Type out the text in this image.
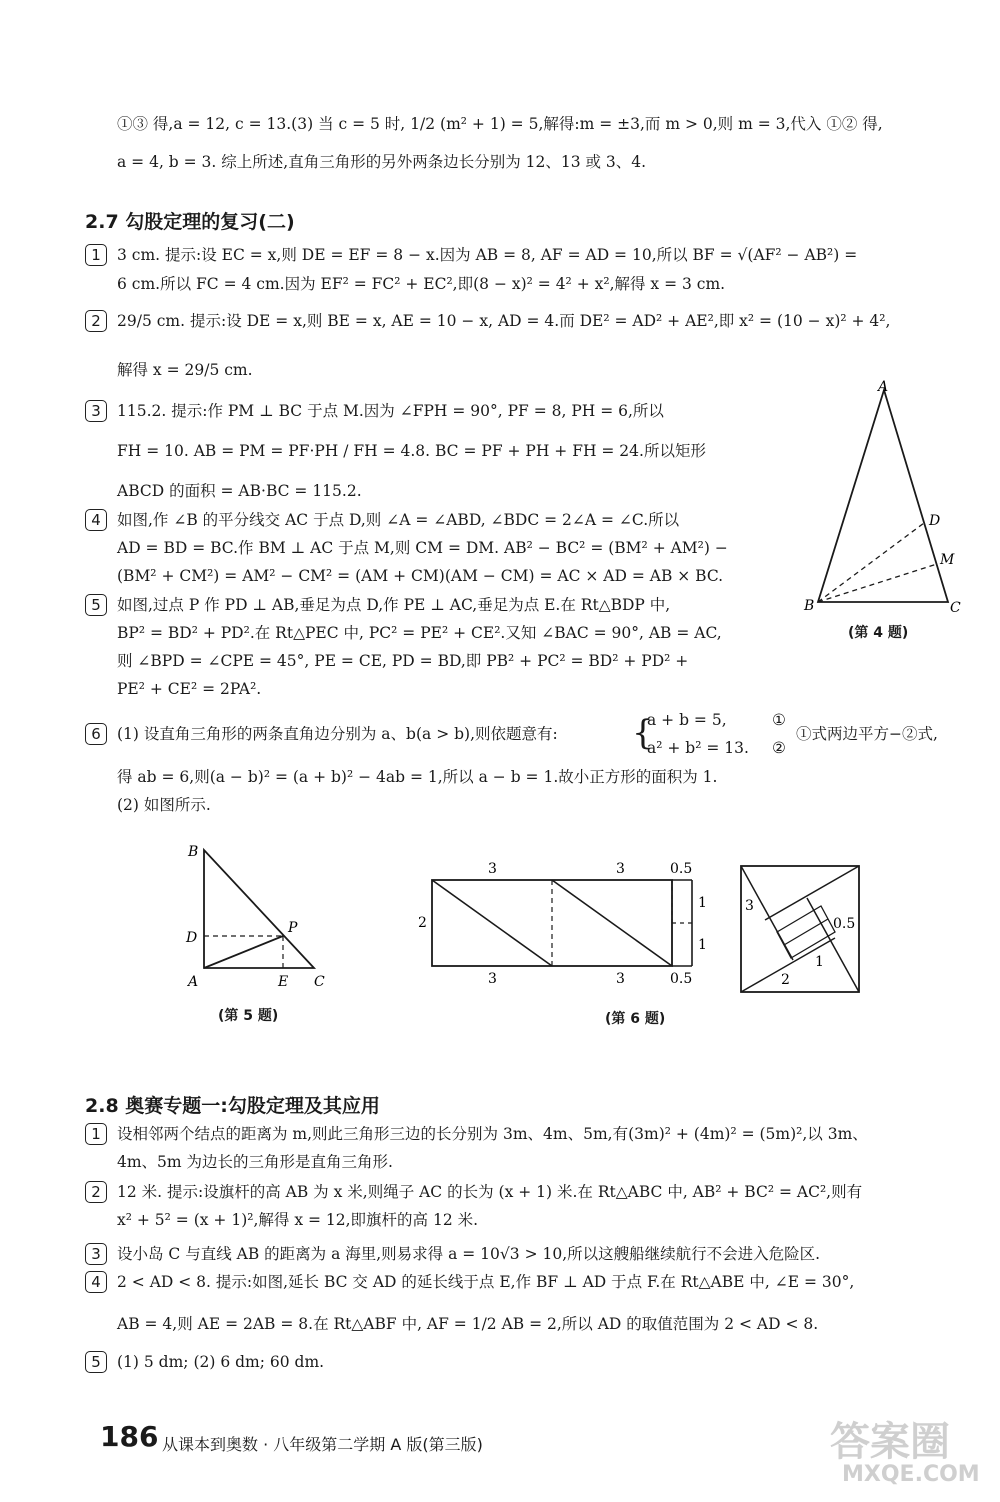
①③ 得,a = 12, c = 13.(3) 当 c = 5 时, 1/2 (m² + 1) = 5,解得:m = ±3,而 m > 0,则 m = 3,代入 ①② 得,
a = 4, b = 3. 综上所述,直角三角形的另外两条边长分别为 12、13 或 3、4.
2.7 勾股定理的复习(二)
1	3 cm. 提示:设 EC = x,则 DE = EF = 8 − x.因为 AB = 8, AF = AD = 10,所以 BF = √(AF² − AB²) =
6 cm.所以 FC = 4 cm.因为 EF² = FC² + EC²,即(8 − x)² = 4² + x²,解得 x = 3 cm.
2	29/5 cm. 提示:设 DE = x,则 BE = x, AE = 10 − x, AD = 4.而 DE² = AD² + AE²,即 x² = (10 − x)² + 4²,
解得 x = 29/5 cm.
3	115.2. 提示:作 PM ⊥ BC 于点 M.因为 ∠FPH = 90°, PF = 8, PH = 6,所以
FH = 10. AB = PM = PF·PH / FH = 4.8. BC = PF + PH + FH = 24.所以矩形
ABCD 的面积 = AB·BC = 115.2.
4	如图,作 ∠B 的平分线交 AC 于点 D,则 ∠A = ∠ABD, ∠BDC = 2∠A = ∠C.所以
AD = BD = BC.作 BM ⊥ AC 于点 M,则 CM = DM. AB² − BC² = (BM² + AM²) −
(BM² + CM²) = AM² − CM² = (AM + CM)(AM − CM) = AC × AD = AB × BC.
5	如图,过点 P 作 PD ⊥ AB,垂足为点 D,作 PE ⊥ AC,垂足为点 E.在 Rt△BDP 中,
BP² = BD² + PD².在 Rt△PEC 中, PC² = PE² + CE².又知 ∠BAC = 90°, AB = AC,
则 ∠BPD = ∠CPE = 45°, PE = CE, PD = BD,即 PB² + PC² = BD² + PD² +
PE² + CE² = 2PA².
6	(1) 设直角三角形的两条直角边分别为 a、b(a > b),则依题意有: {
a + b = 5,
a² + b² = 13.
①
②
①式两边平方−②式,
得 ab = 6,则(a − b)² = (a + b)² − 4ab = 1,所以 a − b = 1.故小正方形的面积为 1.
(2) 如图所示.
A
B	C
D
M
(第 4 题)
B
D
A	E C
P
(第 5 题)
3	3	0.5
2
1
1
3	3	0.5
3
0.5
1
2
(第 6 题)
2.8 奥赛专题一:勾股定理及其应用
1	设相邻两个结点的距离为 m,则此三角形三边的长分别为 3m、4m、5m,有(3m)² + (4m)² = (5m)²,以 3m、
4m、5m 为边长的三角形是直角三角形.
2	12 米. 提示:设旗杆的高 AB 为 x 米,则绳子 AC 的长为 (x + 1) 米.在 Rt△ABC 中, AB² + BC² = AC²,则有
x² + 5² = (x + 1)²,解得 x = 12,即旗杆的高 12 米.
3	设小岛 C 与直线 AB 的距离为 a 海里,则易求得 a = 10√3 > 10,所以这艘船继续航行不会进入危险区.
4	2 < AD < 8. 提示:如图,延长 BC 交 AD 的延长线于点 E,作 BF ⊥ AD 于点 F.在 Rt△ABE 中, ∠E = 30°,
AB = 4,则 AE = 2AB = 8.在 Rt△ABF 中, AF = 1/2 AB = 2,所以 AD 的取值范围为 2 < AD < 8.
5	(1) 5 dm; (2) 6 dm; 60 dm.
186 从课本到奥数 · 八年级第二学期 A 版(第三版)	答案圈
MXQE.COM
